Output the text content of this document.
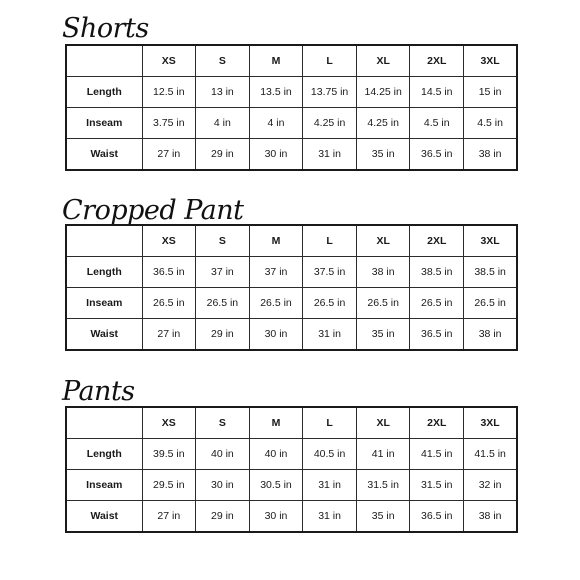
Shorts
	XS	S	M	L	XL	2XL	3XL
Length	12.5 in	13 in	13.5 in	13.75 in	14.25 in	14.5 in	15 in
Inseam	3.75 in	4 in	4 in	4.25 in	4.25 in	4.5 in	4.5 in
Waist	27 in	29 in	30 in	31 in	35 in	36.5 in	38 in
Cropped Pant
	XS	S	M	L	XL	2XL	3XL
Length	36.5 in	37 in	37 in	37.5 in	38 in	38.5 in	38.5 in
Inseam	26.5 in	26.5 in	26.5 in	26.5 in	26.5 in	26.5 in	26.5 in
Waist	27 in	29 in	30 in	31 in	35 in	36.5 in	38 in
Pants
	XS	S	M	L	XL	2XL	3XL
Length	39.5 in	40 in	40 in	40.5 in	41 in	41.5 in	41.5 in
Inseam	29.5 in	30 in	30.5 in	31 in	31.5 in	31.5 in	32 in
Waist	27 in	29 in	30 in	31 in	35 in	36.5 in	38 in
